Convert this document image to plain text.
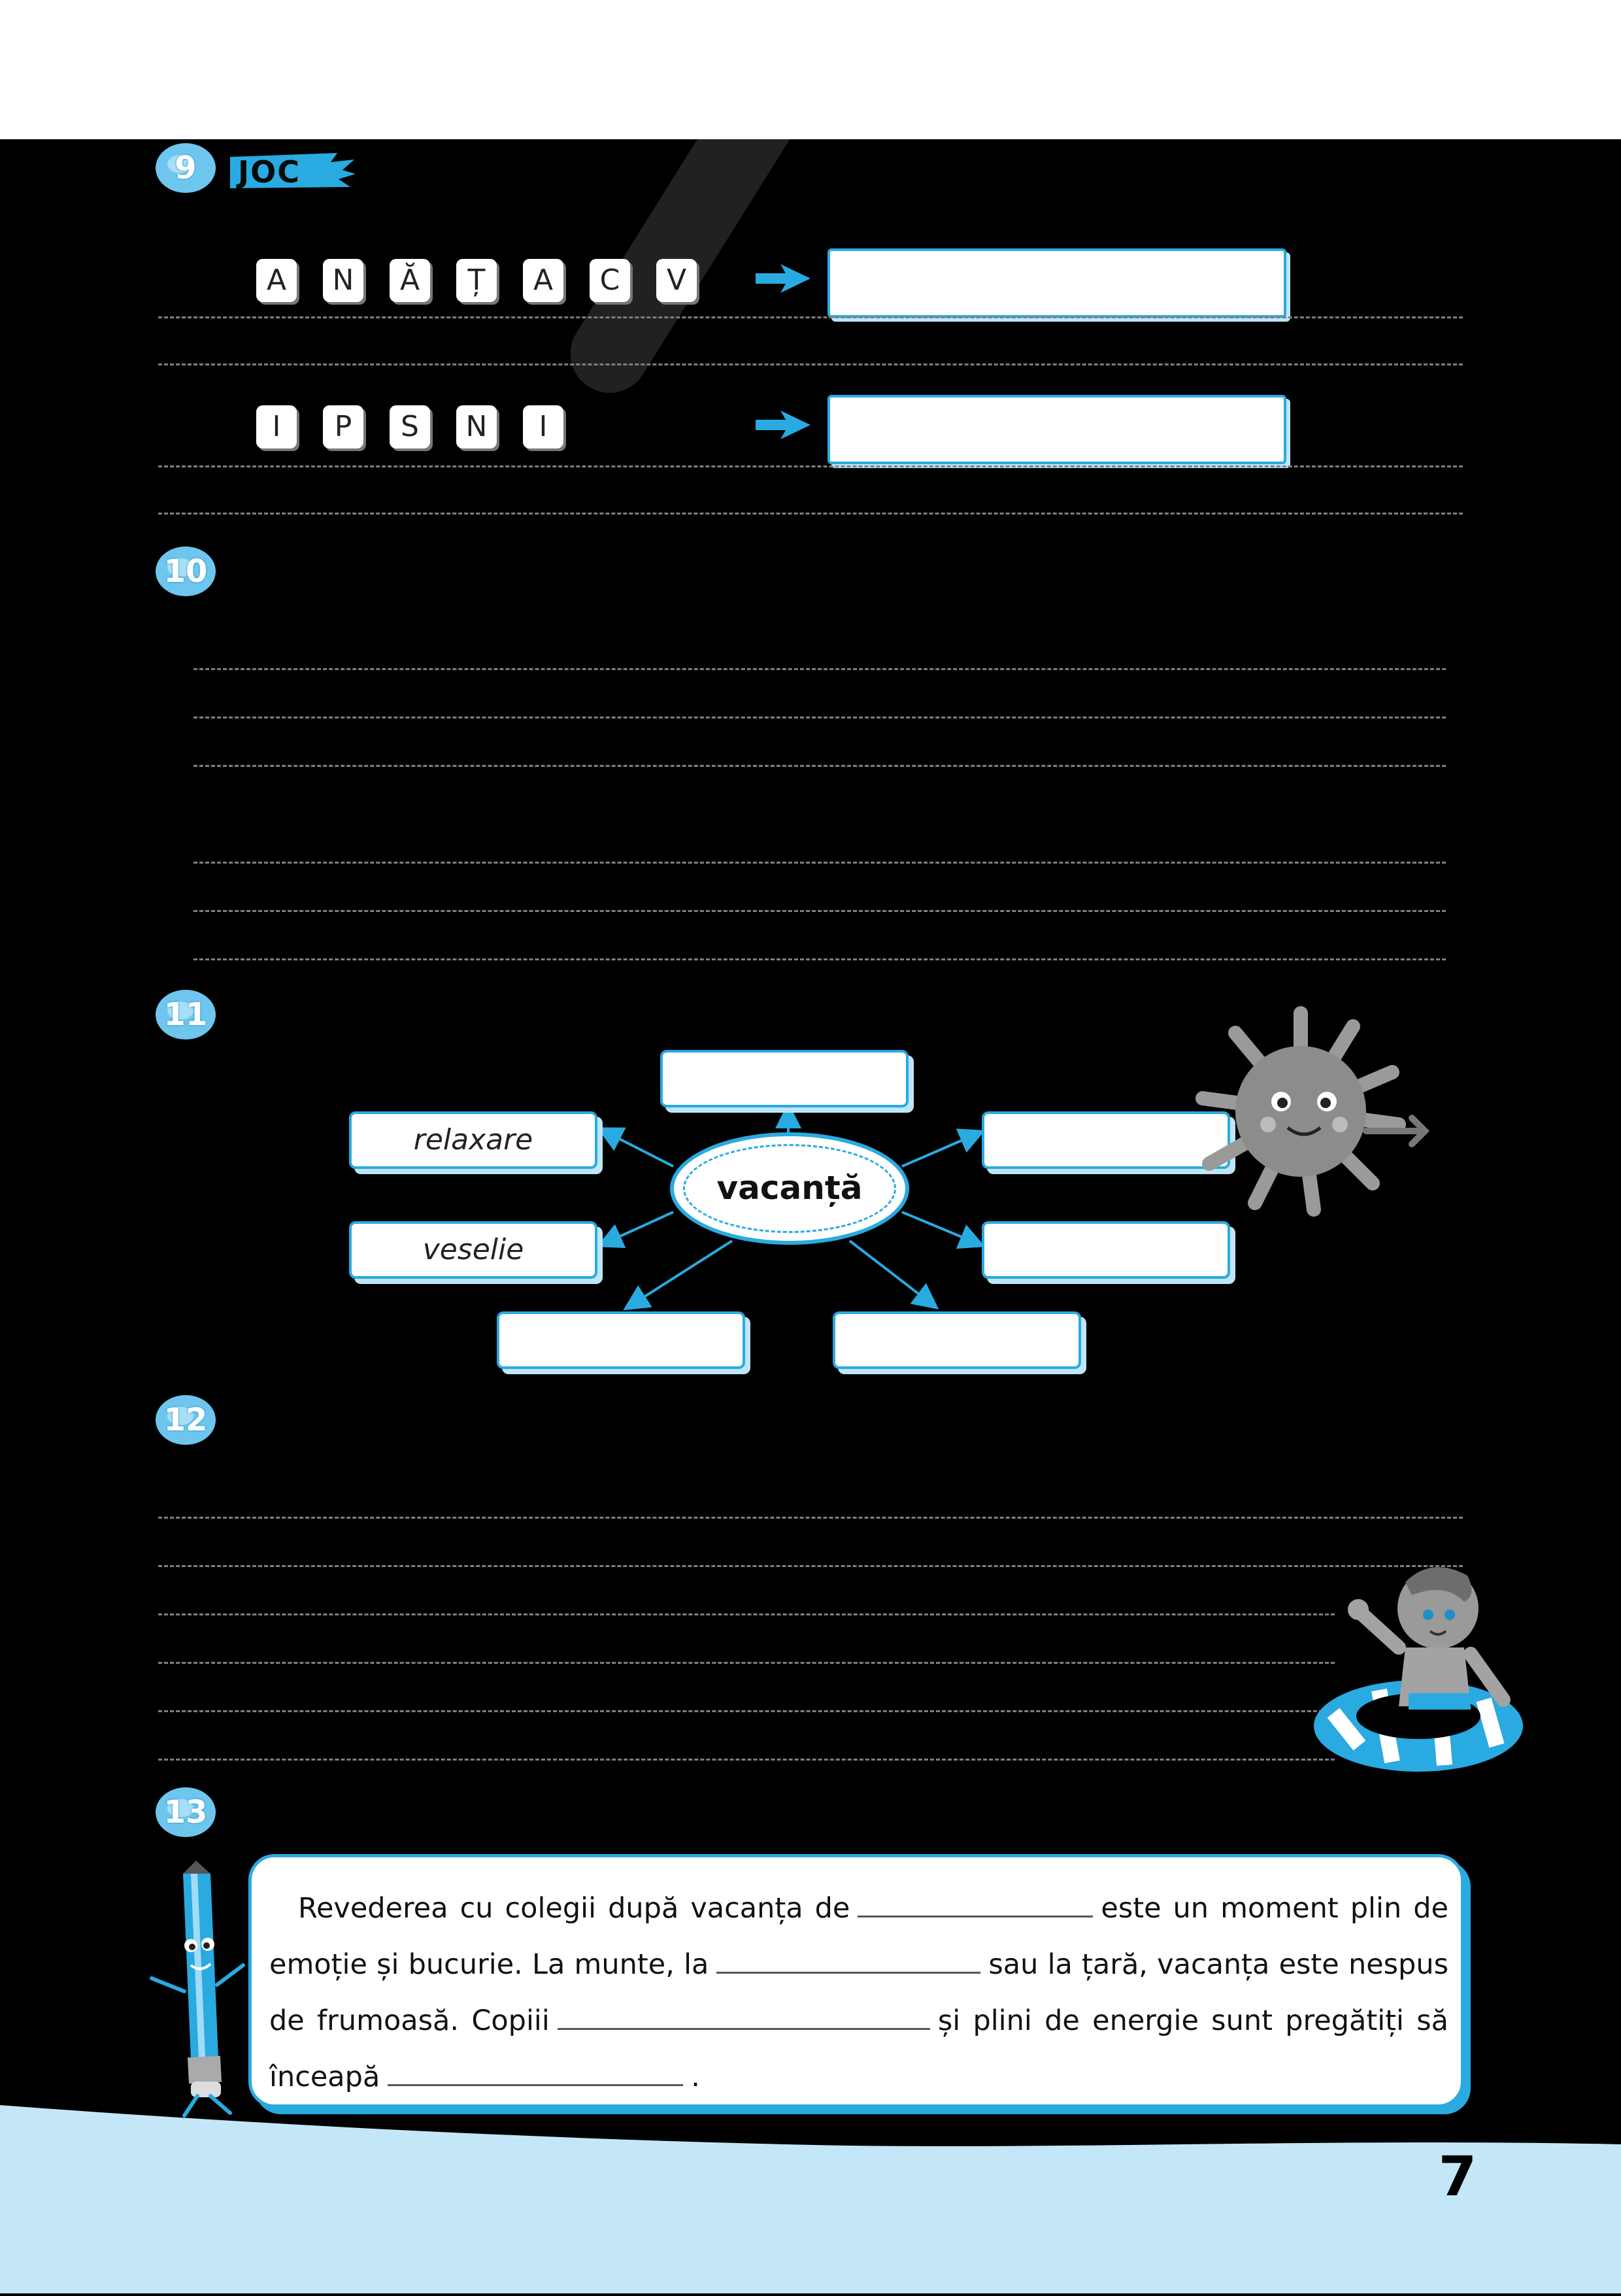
9	JOC
A	N	Ă	Ț	A	C	V
I	P	S	N	I
10
11
relaxare
veselie
vacanță
12
13
Revederea cu colegii după vacanța de	este un moment plin de emoție și bucurie. La munte, la	sau la țară, vacanța este nespus de frumoasă. Copiii	și plini de energie sunt pregătiți să înceapă	.
7
